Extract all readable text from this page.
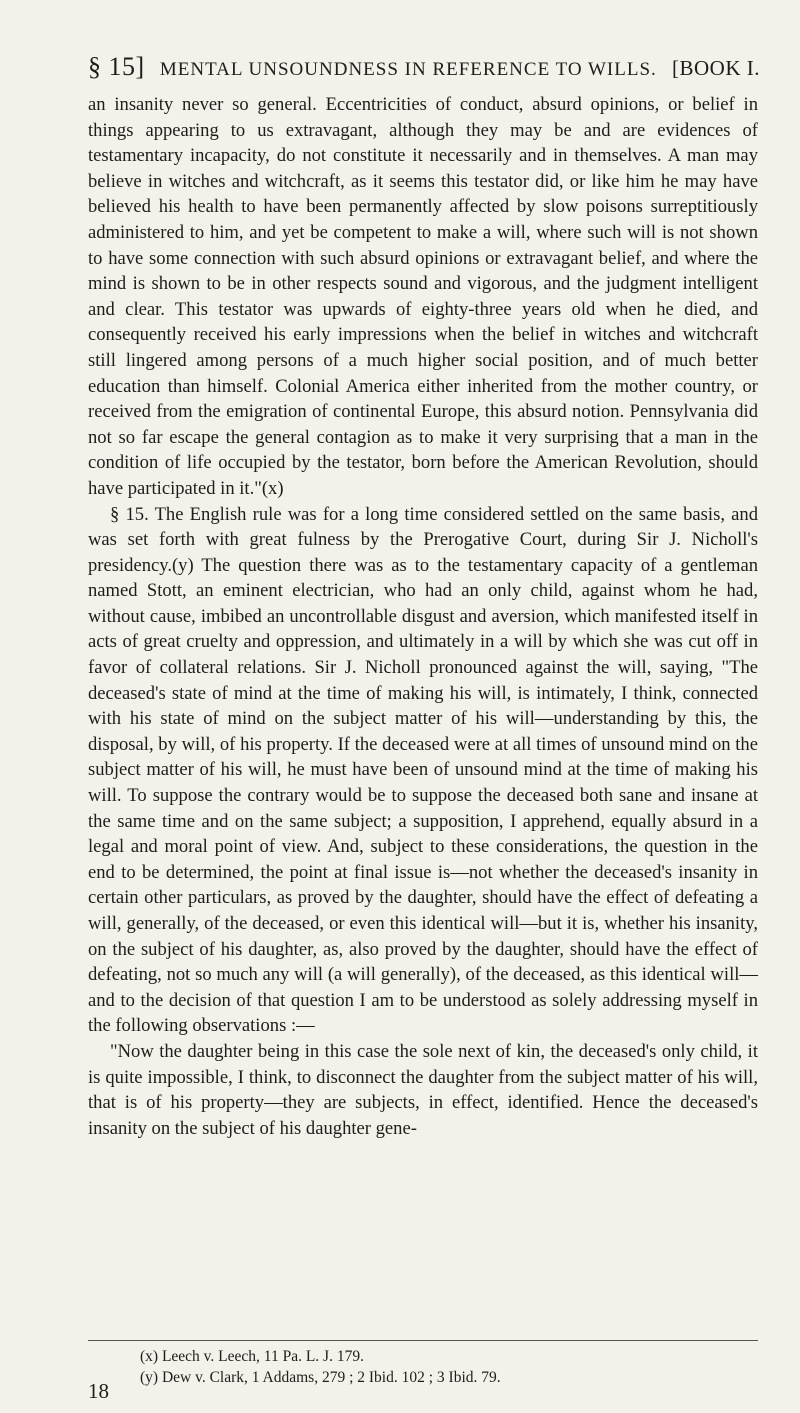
§ 15] MENTAL UNSOUNDNESS IN REFERENCE TO WILLS. [BOOK I.

an insanity never so general. Eccentricities of conduct, absurd opinions, or belief in things appearing to us extravagant, although they may be and are evidences of testamentary incapacity, do not constitute it necessarily and in themselves. A man may believe in witches and witchcraft, as it seems this testator did, or like him he may have believed his health to have been permanently affected by slow poisons surreptitiously administered to him, and yet be competent to make a will, where such will is not shown to have some connection with such absurd opinions or extravagant belief, and where the mind is shown to be in other respects sound and vigorous, and the judgment intelligent and clear. This testator was upwards of eighty-three years old when he died, and consequently received his early impressions when the belief in witches and witchcraft still lingered among persons of a much higher social position, and of much better education than himself. Colonial America either inherited from the mother country, or received from the emigration of continental Europe, this absurd notion. Pennsylvania did not so far escape the general contagion as to make it very surprising that a man in the condition of life occupied by the testator, born before the American Revolution, should have participated in it."(x)

§ 15. The English rule was for a long time considered settled on the same basis, and was set forth with great fulness by the Prerogative Court, during Sir J. Nicholl's presidency.(y) The question there was as to the testamentary capacity of a gentleman named Stott, an eminent electrician, who had an only child, against whom he had, without cause, imbibed an uncontrollable disgust and aversion, which manifested itself in acts of great cruelty and oppression, and ultimately in a will by which she was cut off in favor of collateral relations. Sir J. Nicholl pronounced against the will, saying, "The deceased's state of mind at the time of making his will, is intimately, I think, connected with his state of mind on the subject matter of his will—understanding by this, the disposal, by will, of his property. If the deceased were at all times of unsound mind on the subject matter of his will, he must have been of unsound mind at the time of making his will. To suppose the contrary would be to suppose the deceased both sane and insane at the same time and on the same subject; a supposition, I apprehend, equally absurd in a legal and moral point of view. And, subject to these considerations, the question in the end to be determined, the point at final issue is—not whether the deceased's insanity in certain other particulars, as proved by the daughter, should have the effect of defeating a will, generally, of the deceased, or even this identical will—but it is, whether his insanity, on the subject of his daughter, as, also proved by the daughter, should have the effect of defeating, not so much any will (a will generally), of the deceased, as this identical will—and to the decision of that question I am to be understood as solely addressing myself in the following observations :—

"Now the daughter being in this case the sole next of kin, the deceased's only child, it is quite impossible, I think, to disconnect the daughter from the subject matter of his will, that is of his property—they are subjects, in effect, identified. Hence the deceased's insanity on the subject of his daughter gene-

(x) Leech v. Leech, 11 Pa. L. J. 179.

(y) Dew v. Clark, 1 Addams, 279 ; 2 Ibid. 102 ; 3 Ibid. 79.

18
